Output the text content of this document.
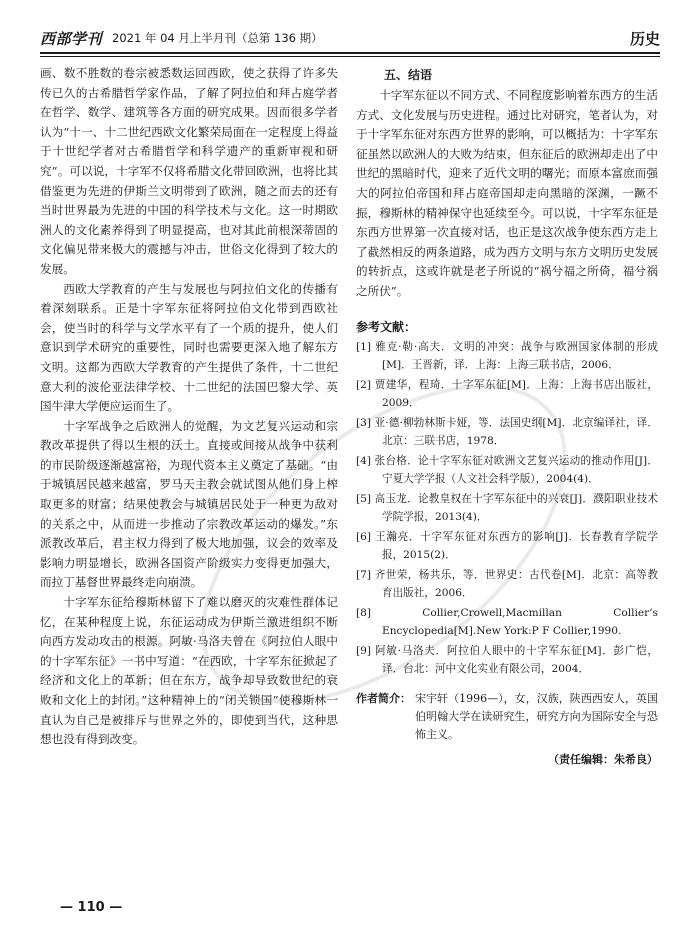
西部学刊 2021 年 04 月上半月刊（总第 136 期）	历史

画、数不胜数的卷宗被悉数运回西欧，使之获得了许多失传已久的古希腊哲学家作品，了解了阿拉伯和拜占庭学者在哲学、数学、建筑等各方面的研究成果。因而很多学者认为“十一、十二世纪西欧文化繁荣局面在一定程度上得益于十世纪学者对古希腊哲学和科学遗产的重新审视和研究”。可以说，十字军不仅将希腊文化带回欧洲，也将比其借鉴更为先进的伊斯兰文明带到了欧洲，随之而去的还有当时世界最为先进的中国的科学技术与文化。这一时期欧洲人的文化素养得到了明显提高，也对其此前根深蒂固的文化偏见带来极大的震撼与冲击，世俗文化得到了较大的发展。

西欧大学教育的产生与发展也与阿拉伯文化的传播有着深刻联系。正是十字军东征将阿拉伯文化带到西欧社会，使当时的科学与文学水平有了一个质的提升，使人们意识到学术研究的重要性，同时也需要更深入地了解东方文明。这都为西欧大学教育的产生提供了条件，十二世纪意大利的波伦亚法律学校、十二世纪的法国巴黎大学、英国牛津大学便应运而生了。

十字军战争之后欧洲人的觉醒，为文艺复兴运动和宗教改革提供了得以生根的沃土。直接或间接从战争中获利的市民阶级逐渐越富裕，为现代资本主义奠定了基础。“由于城镇居民越来越富，罗马天主教会就试图从他们身上榨取更多的财富；结果使教会与城镇居民处于一种更为敌对的关系之中，从而进一步推动了宗教改革运动的爆发。”东派教改革后，君主权力得到了极大地加强，议会的效率及影响力明显增长，欧洲各国资产阶级实力变得更加强大，而拉丁基督世界最终走向崩溃。

十字军东征给穆斯林留下了难以磨灭的灾难性群体记忆，在某种程度上说，东征运动成为伊斯兰激进组织不断向西方发动攻击的根源。阿敏·马洛夫曾在《阿拉伯人眼中的十字军东征》一书中写道：“在西欧，十字军东征掀起了经济和文化上的革新；但在东方，战争却导致数世纪的衰败和文化上的封闭。”这种精神上的“闭关锁国”使穆斯林一直认为自己是被排斥与世界之外的，即使到当代，这种思想也没有得到改变。

五、结语

十字军东征以不同方式、不同程度影响着东西方的生活方式、文化发展与历史进程。通过比对研究，笔者认为，对于十字军东征对东西方世界的影响，可以概括为：十字军东征虽然以欧洲人的大败为结束，但东征后的欧洲却走出了中世纪的黑暗时代，迎来了近代文明的曙光；而原本富庶而强大的阿拉伯帝国和拜占庭帝国却走向黑暗的深渊，一蹶不振，穆斯林的精神保守也延续至今。可以说，十字军东征是东西方世界第一次直接对话，也正是这次战争使东西方走上了截然相反的两条道路，成为西方文明与东方文明历史发展的转折点，这或许就是老子所说的“祸兮福之所倚，福兮祸之所伏”。

参考文献：
[1] 雅克·勒·高夫．文明的冲突：战争与欧洲国家体制的形成[M]．王晋新，译．上海：上海三联书店，2006．
[2] 贾建华，程琦．十字军东征[M]．上海：上海书店出版社，2009．
[3] 亚·德·柳勃林斯卡娅，等．法国史纲[M]．北京编译社，译．北京：三联书店，1978．
[4] 张台格．论十字军东征对欧洲文艺复兴运动的推动作用[J]．宁夏大学学报（人文社会科学版），2004(4)．
[5] 高玉龙．论教皇权在十字军东征中的兴衰[J]．濮阳职业技术学院学报，2013(4)．
[6] 王瀚亮．十字军东征对东西方的影响[J]．长春教育学院学报，2015(2)．
[7] 齐世荣，杨共乐，等．世界史：古代卷[M]．北京：高等教育出版社，2006．
[8] Collier,Crowell,Macmillan Collier’s Encyclopedia[M].New York:P F Collier,1990.
[9] 阿敏·马洛夫．阿拉伯人眼中的十字军东征[M]．彭广恺，译．台北：河中文化实业有限公司，2004．
作者简介： 宋宇轩（1996—），女，汉族，陕西西安人，英国伯明翰大学在读研究生，研究方向为国际安全与恐怖主义。
（责任编辑：朱希良）
— 110 —
